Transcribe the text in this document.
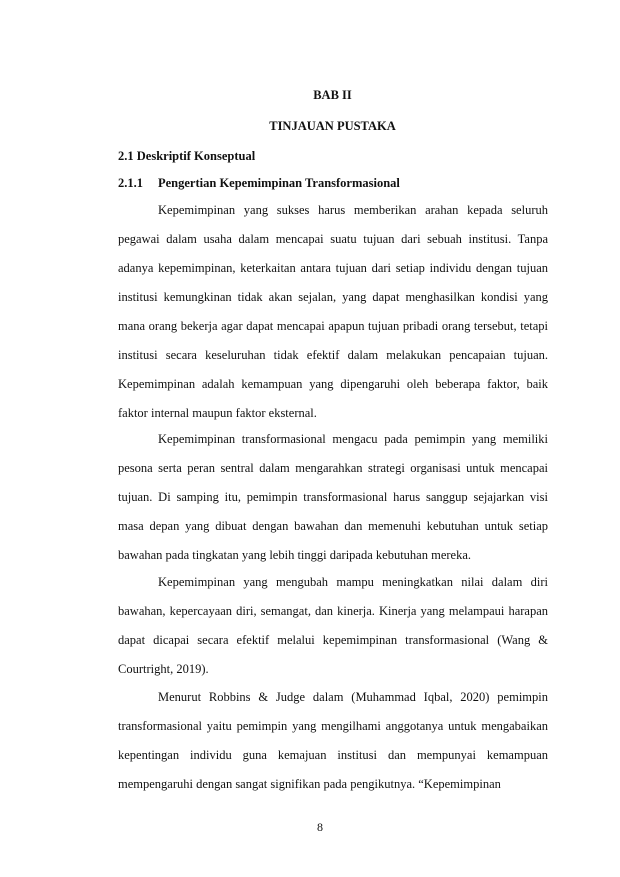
BAB II
TINJAUAN PUSTAKA
2.1 Deskriptif Konseptual
2.1.1 Pengertian Kepemimpinan Transformasional

Kepemimpinan yang sukses harus memberikan arahan kepada seluruh pegawai dalam usaha dalam mencapai suatu tujuan dari sebuah institusi. Tanpa adanya kepemimpinan, keterkaitan antara tujuan dari setiap individu dengan tujuan institusi kemungkinan tidak akan sejalan, yang dapat menghasilkan kondisi yang mana orang bekerja agar dapat mencapai apapun tujuan pribadi orang tersebut, tetapi institusi secara keseluruhan tidak efektif dalam melakukan pencapaian tujuan. Kepemimpinan adalah kemampuan yang dipengaruhi oleh beberapa faktor, baik faktor internal maupun faktor eksternal.

Kepemimpinan transformasional mengacu pada pemimpin yang memiliki pesona serta peran sentral dalam mengarahkan strategi organisasi untuk mencapai tujuan. Di samping itu, pemimpin transformasional harus sanggup sejajarkan visi masa depan yang dibuat dengan bawahan dan memenuhi kebutuhan untuk setiap bawahan pada tingkatan yang lebih tinggi daripada kebutuhan mereka.

Kepemimpinan yang mengubah mampu meningkatkan nilai dalam diri bawahan, kepercayaan diri, semangat, dan kinerja. Kinerja yang melampaui harapan dapat dicapai secara efektif melalui kepemimpinan transformasional (Wang & Courtright, 2019).

Menurut Robbins & Judge dalam (Muhammad Iqbal, 2020) pemimpin transformasional yaitu pemimpin yang mengilhami anggotanya untuk mengabaikan kepentingan individu guna kemajuan institusi dan mempunyai kemampuan mempengaruhi dengan sangat signifikan pada pengikutnya. “Kepemimpinan

8
